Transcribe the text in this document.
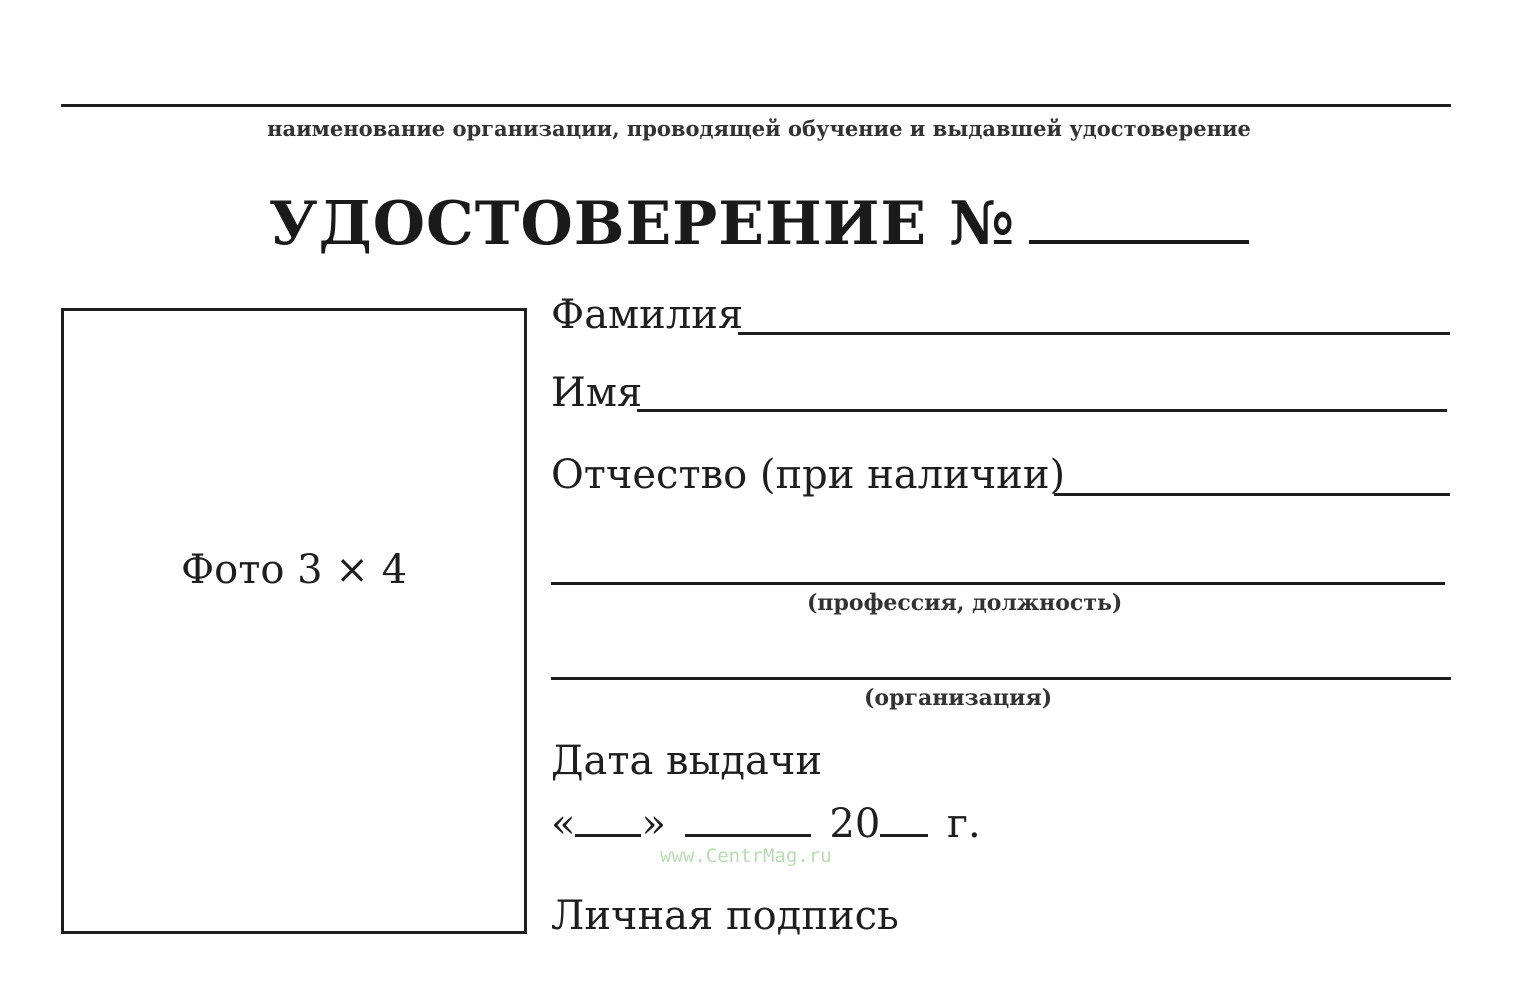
наименование организации, проводящей обучение и выдавшей удостоверение
УДОСТОВЕРЕНИЕ №
Фото 3 × 4
Фамилия
Имя
Отчество (при наличии)
(профессия, должность)
(организация)
Дата выдачи
« »	20 г.
www.CentrMag.ru
Личная подпись
